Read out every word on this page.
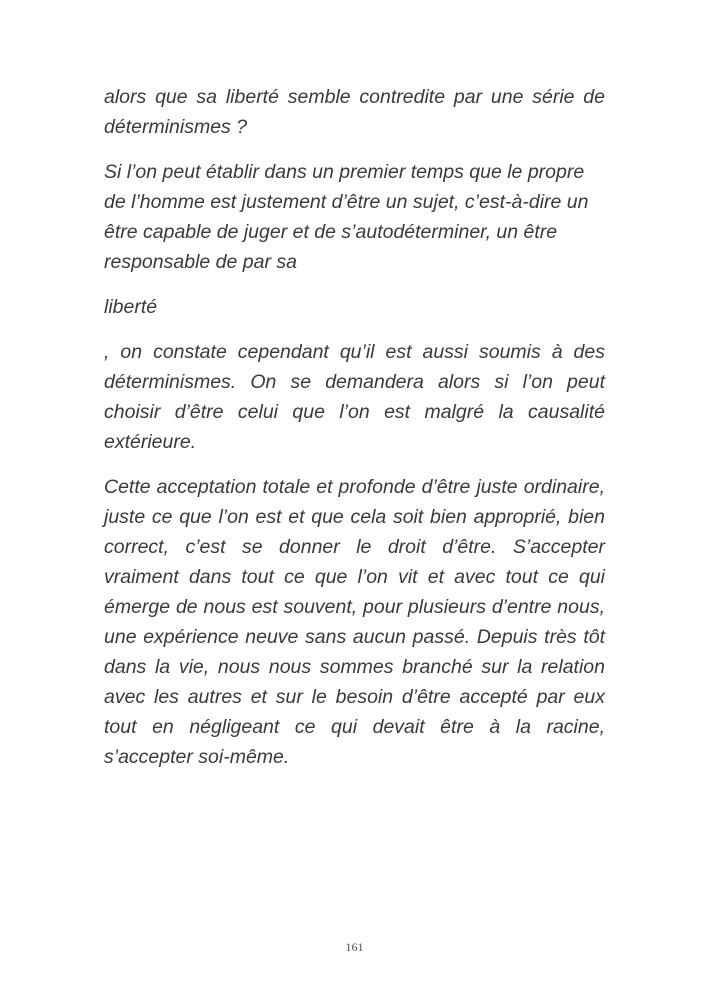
alors que sa liberté semble contredite par une série de déterminismes ?

Si l’on peut établir dans un premier temps que le propre de l’homme est justement d’être un sujet, c’est-à-dire un être capable de juger et de s’autodéterminer, un être responsable de par sa

liberté

, on constate cependant qu’il est aussi soumis à des déterminismes. On se demandera alors si l’on peut choisir d’être celui que l’on est malgré la causalité extérieure.

Cette acceptation totale et profonde d’être juste ordinaire, juste ce que l’on est et que cela soit bien approprié, bien correct, c’est se donner le droit d’être. S’accepter vraiment dans tout ce que l’on vit et avec tout ce qui émerge de nous est souvent, pour plusieurs d’entre nous, une expérience neuve sans aucun passé. Depuis très tôt dans la vie, nous nous sommes branché sur la relation avec les autres et sur le besoin d’être accepté par eux tout en négligeant ce qui devait être à la racine, s’accepter soi-même.

161
